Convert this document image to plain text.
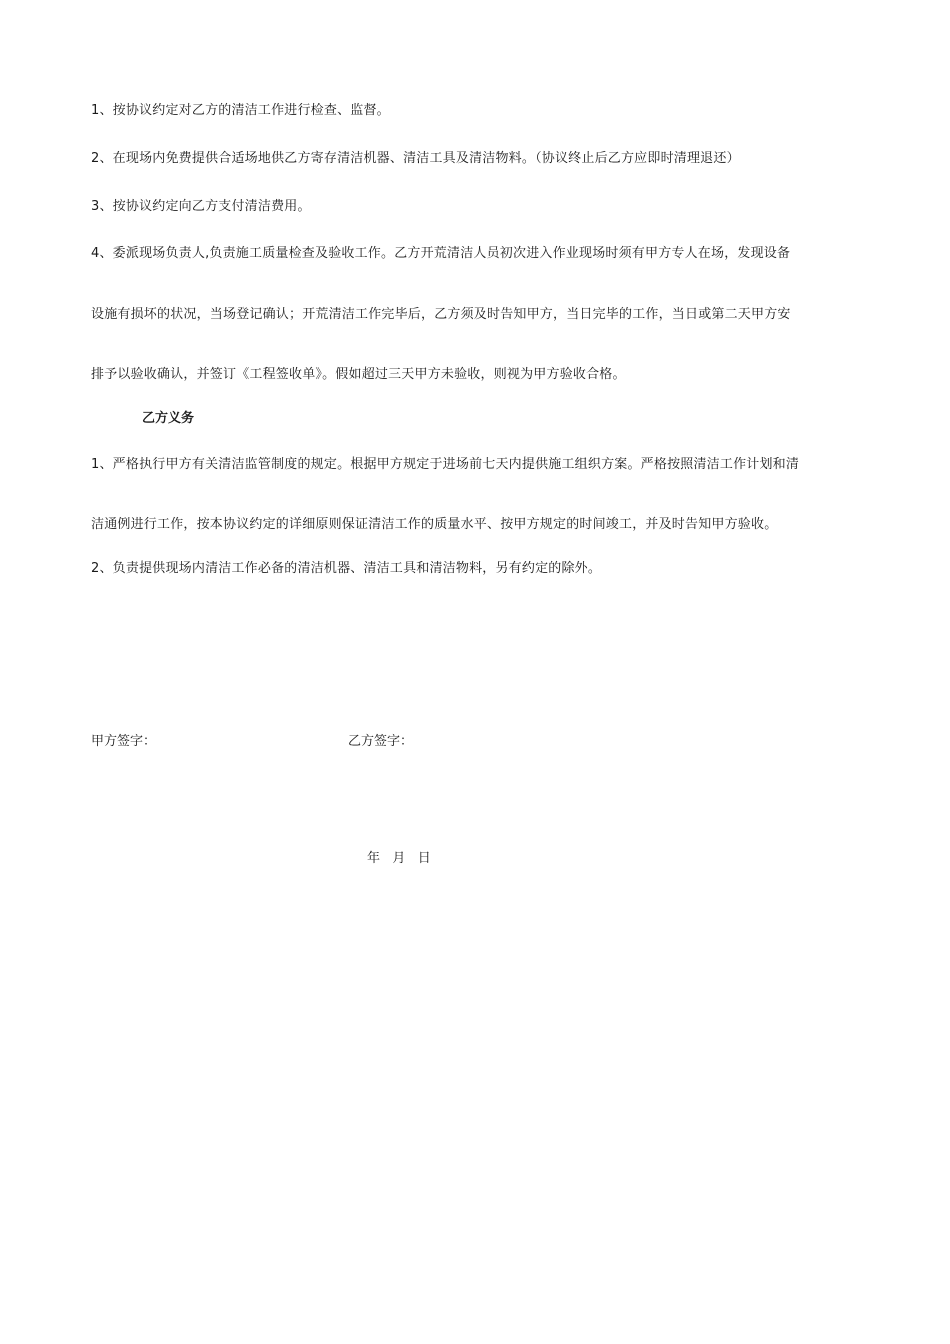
1、按协议约定对乙方的清洁工作进行检查、监督。
2、在现场内免费提供合适场地供乙方寄存清洁机器、清洁工具及清洁物料。（协议终止后乙方应即时清理退还）
3、按协议约定向乙方支付清洁费用。
4、委派现场负责人,负责施工质量检查及验收工作。乙方开荒清洁人员初次进入作业现场时须有甲方专人在场，发现设备
设施有损坏的状况，当场登记确认；开荒清洁工作完毕后，乙方须及时告知甲方，当日完毕的工作，当日或第二天甲方安
排予以验收确认，并签订《工程签收单》。假如超过三天甲方未验收，则视为甲方验收合格。
乙方义务
1、严格执行甲方有关清洁监管制度的规定。根据甲方规定于进场前七天内提供施工组织方案。严格按照清洁工作计划和清
洁通例进行工作，按本协议约定的详细原则保证清洁工作的质量水平、按甲方规定的时间竣工，并及时告知甲方验收。
2、负责提供现场内清洁工作必备的清洁机器、清洁工具和清洁物料，另有约定的除外。
甲方签字：	乙方签字：
年   月   日
